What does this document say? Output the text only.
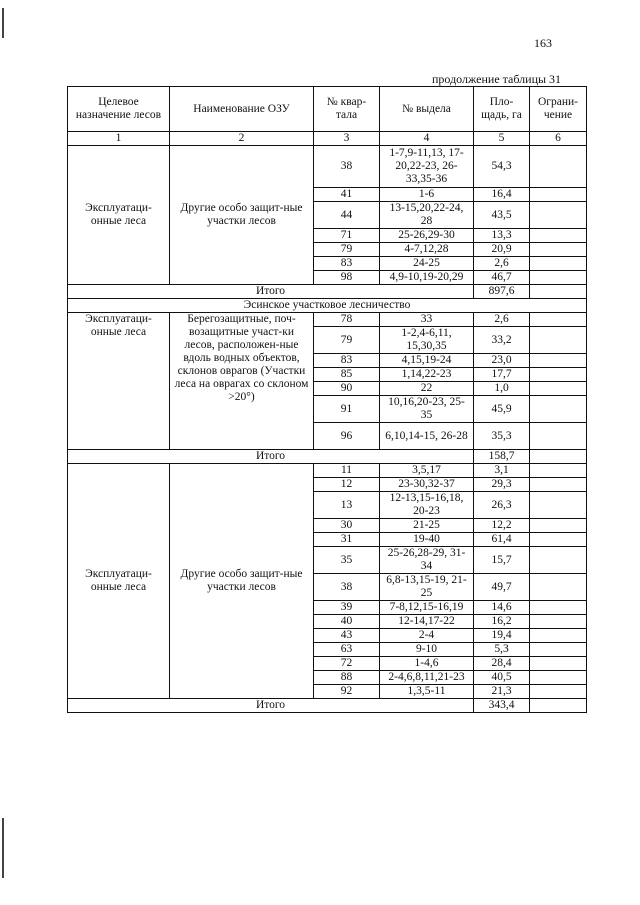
163
продолжение таблицы 31
Целевое назначение лесов	Наименование ОЗУ	№ квар-тала	№ выдела	Пло-щадь, га	Ограни-чение
1	2	3	4	5	6
Эксплуатаци-онные леса	Другие особо защит-ные участки лесов	38	1-7,9-11,13, 17-20,22-23, 26-33,35-36	54,3	
		41	1-6	16,4	
		44	13-15,20,22-24, 28	43,5	
		71	25-26,29-30	13,3	
		79	4-7,12,28	20,9	
		83	24-25	2,6	
		98	4,9-10,19-20,29	46,7	
Итого				897,6	
Эсинское участковое лесничество					
Эксплуатаци-онные леса	Берегозащитные, поч-возащитные участ-ки лесов, расположен-ные вдоль водных объектов, склонов оврагов (Участки леса на оврагах со склоном >20°)	78	33	2,6	
		79	1-2,4-6,11, 15,30,35	33,2	
		83	4,15,19-24	23,0	
		85	1,14,22-23	17,7	
		90	22	1,0	
		91	10,16,20-23, 25-35	45,9	
		96	6,10,14-15, 26-28	35,3	
Итого				158,7	
Эксплуатаци-онные леса	Другие особо защит-ные участки лесов	11	3,5,17	3,1	
		12	23-30,32-37	29,3	
		13	12-13,15-16,18, 20-23	26,3	
		30	21-25	12,2	
		31	19-40	61,4	
		35	25-26,28-29, 31-34	15,7	
		38	6,8-13,15-19, 21-25	49,7	
		39	7-8,12,15-16,19	14,6	
		40	12-14,17-22	16,2	
		43	2-4	19,4	
		63	9-10	5,3	
		72	1-4,6	28,4	
		88	2-4,6,8,11,21-23	40,5	
		92	1,3,5-11	21,3	
Итого				343,4	
